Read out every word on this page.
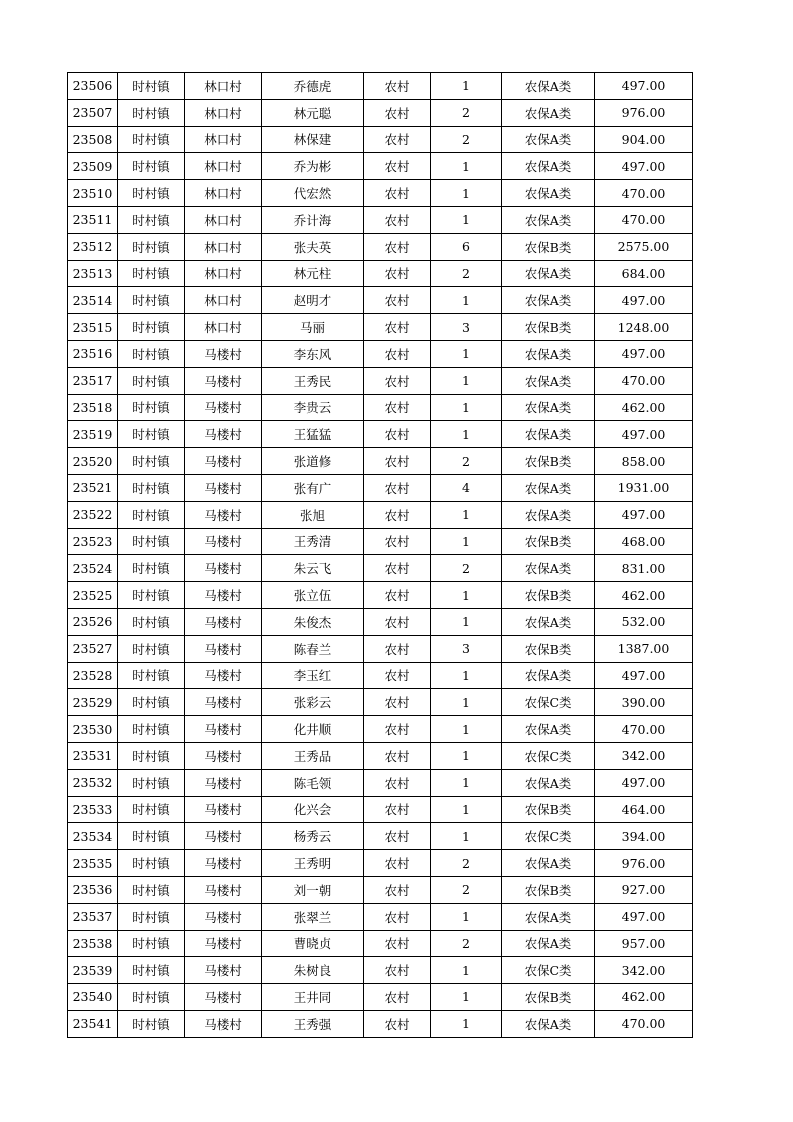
23506	时村镇	林口村	乔德虎	农村	1	农保A类	497.00
23507	时村镇	林口村	林元聪	农村	2	农保A类	976.00
23508	时村镇	林口村	林保建	农村	2	农保A类	904.00
23509	时村镇	林口村	乔为彬	农村	1	农保A类	497.00
23510	时村镇	林口村	代宏然	农村	1	农保A类	470.00
23511	时村镇	林口村	乔计海	农村	1	农保A类	470.00
23512	时村镇	林口村	张夫英	农村	6	农保B类	2575.00
23513	时村镇	林口村	林元柱	农村	2	农保A类	684.00
23514	时村镇	林口村	赵明才	农村	1	农保A类	497.00
23515	时村镇	林口村	马丽	农村	3	农保B类	1248.00
23516	时村镇	马楼村	李东风	农村	1	农保A类	497.00
23517	时村镇	马楼村	王秀民	农村	1	农保A类	470.00
23518	时村镇	马楼村	李贵云	农村	1	农保A类	462.00
23519	时村镇	马楼村	王猛猛	农村	1	农保A类	497.00
23520	时村镇	马楼村	张道修	农村	2	农保B类	858.00
23521	时村镇	马楼村	张有广	农村	4	农保A类	1931.00
23522	时村镇	马楼村	张旭	农村	1	农保A类	497.00
23523	时村镇	马楼村	王秀清	农村	1	农保B类	468.00
23524	时村镇	马楼村	朱云飞	农村	2	农保A类	831.00
23525	时村镇	马楼村	张立伍	农村	1	农保B类	462.00
23526	时村镇	马楼村	朱俊杰	农村	1	农保A类	532.00
23527	时村镇	马楼村	陈春兰	农村	3	农保B类	1387.00
23528	时村镇	马楼村	李玉红	农村	1	农保A类	497.00
23529	时村镇	马楼村	张彩云	农村	1	农保C类	390.00
23530	时村镇	马楼村	化井顺	农村	1	农保A类	470.00
23531	时村镇	马楼村	王秀品	农村	1	农保C类	342.00
23532	时村镇	马楼村	陈毛领	农村	1	农保A类	497.00
23533	时村镇	马楼村	化兴会	农村	1	农保B类	464.00
23534	时村镇	马楼村	杨秀云	农村	1	农保C类	394.00
23535	时村镇	马楼村	王秀明	农村	2	农保A类	976.00
23536	时村镇	马楼村	刘一朝	农村	2	农保B类	927.00
23537	时村镇	马楼村	张翠兰	农村	1	农保A类	497.00
23538	时村镇	马楼村	曹晓贞	农村	2	农保A类	957.00
23539	时村镇	马楼村	朱树良	农村	1	农保C类	342.00
23540	时村镇	马楼村	王井同	农村	1	农保B类	462.00
23541	时村镇	马楼村	王秀强	农村	1	农保A类	470.00
